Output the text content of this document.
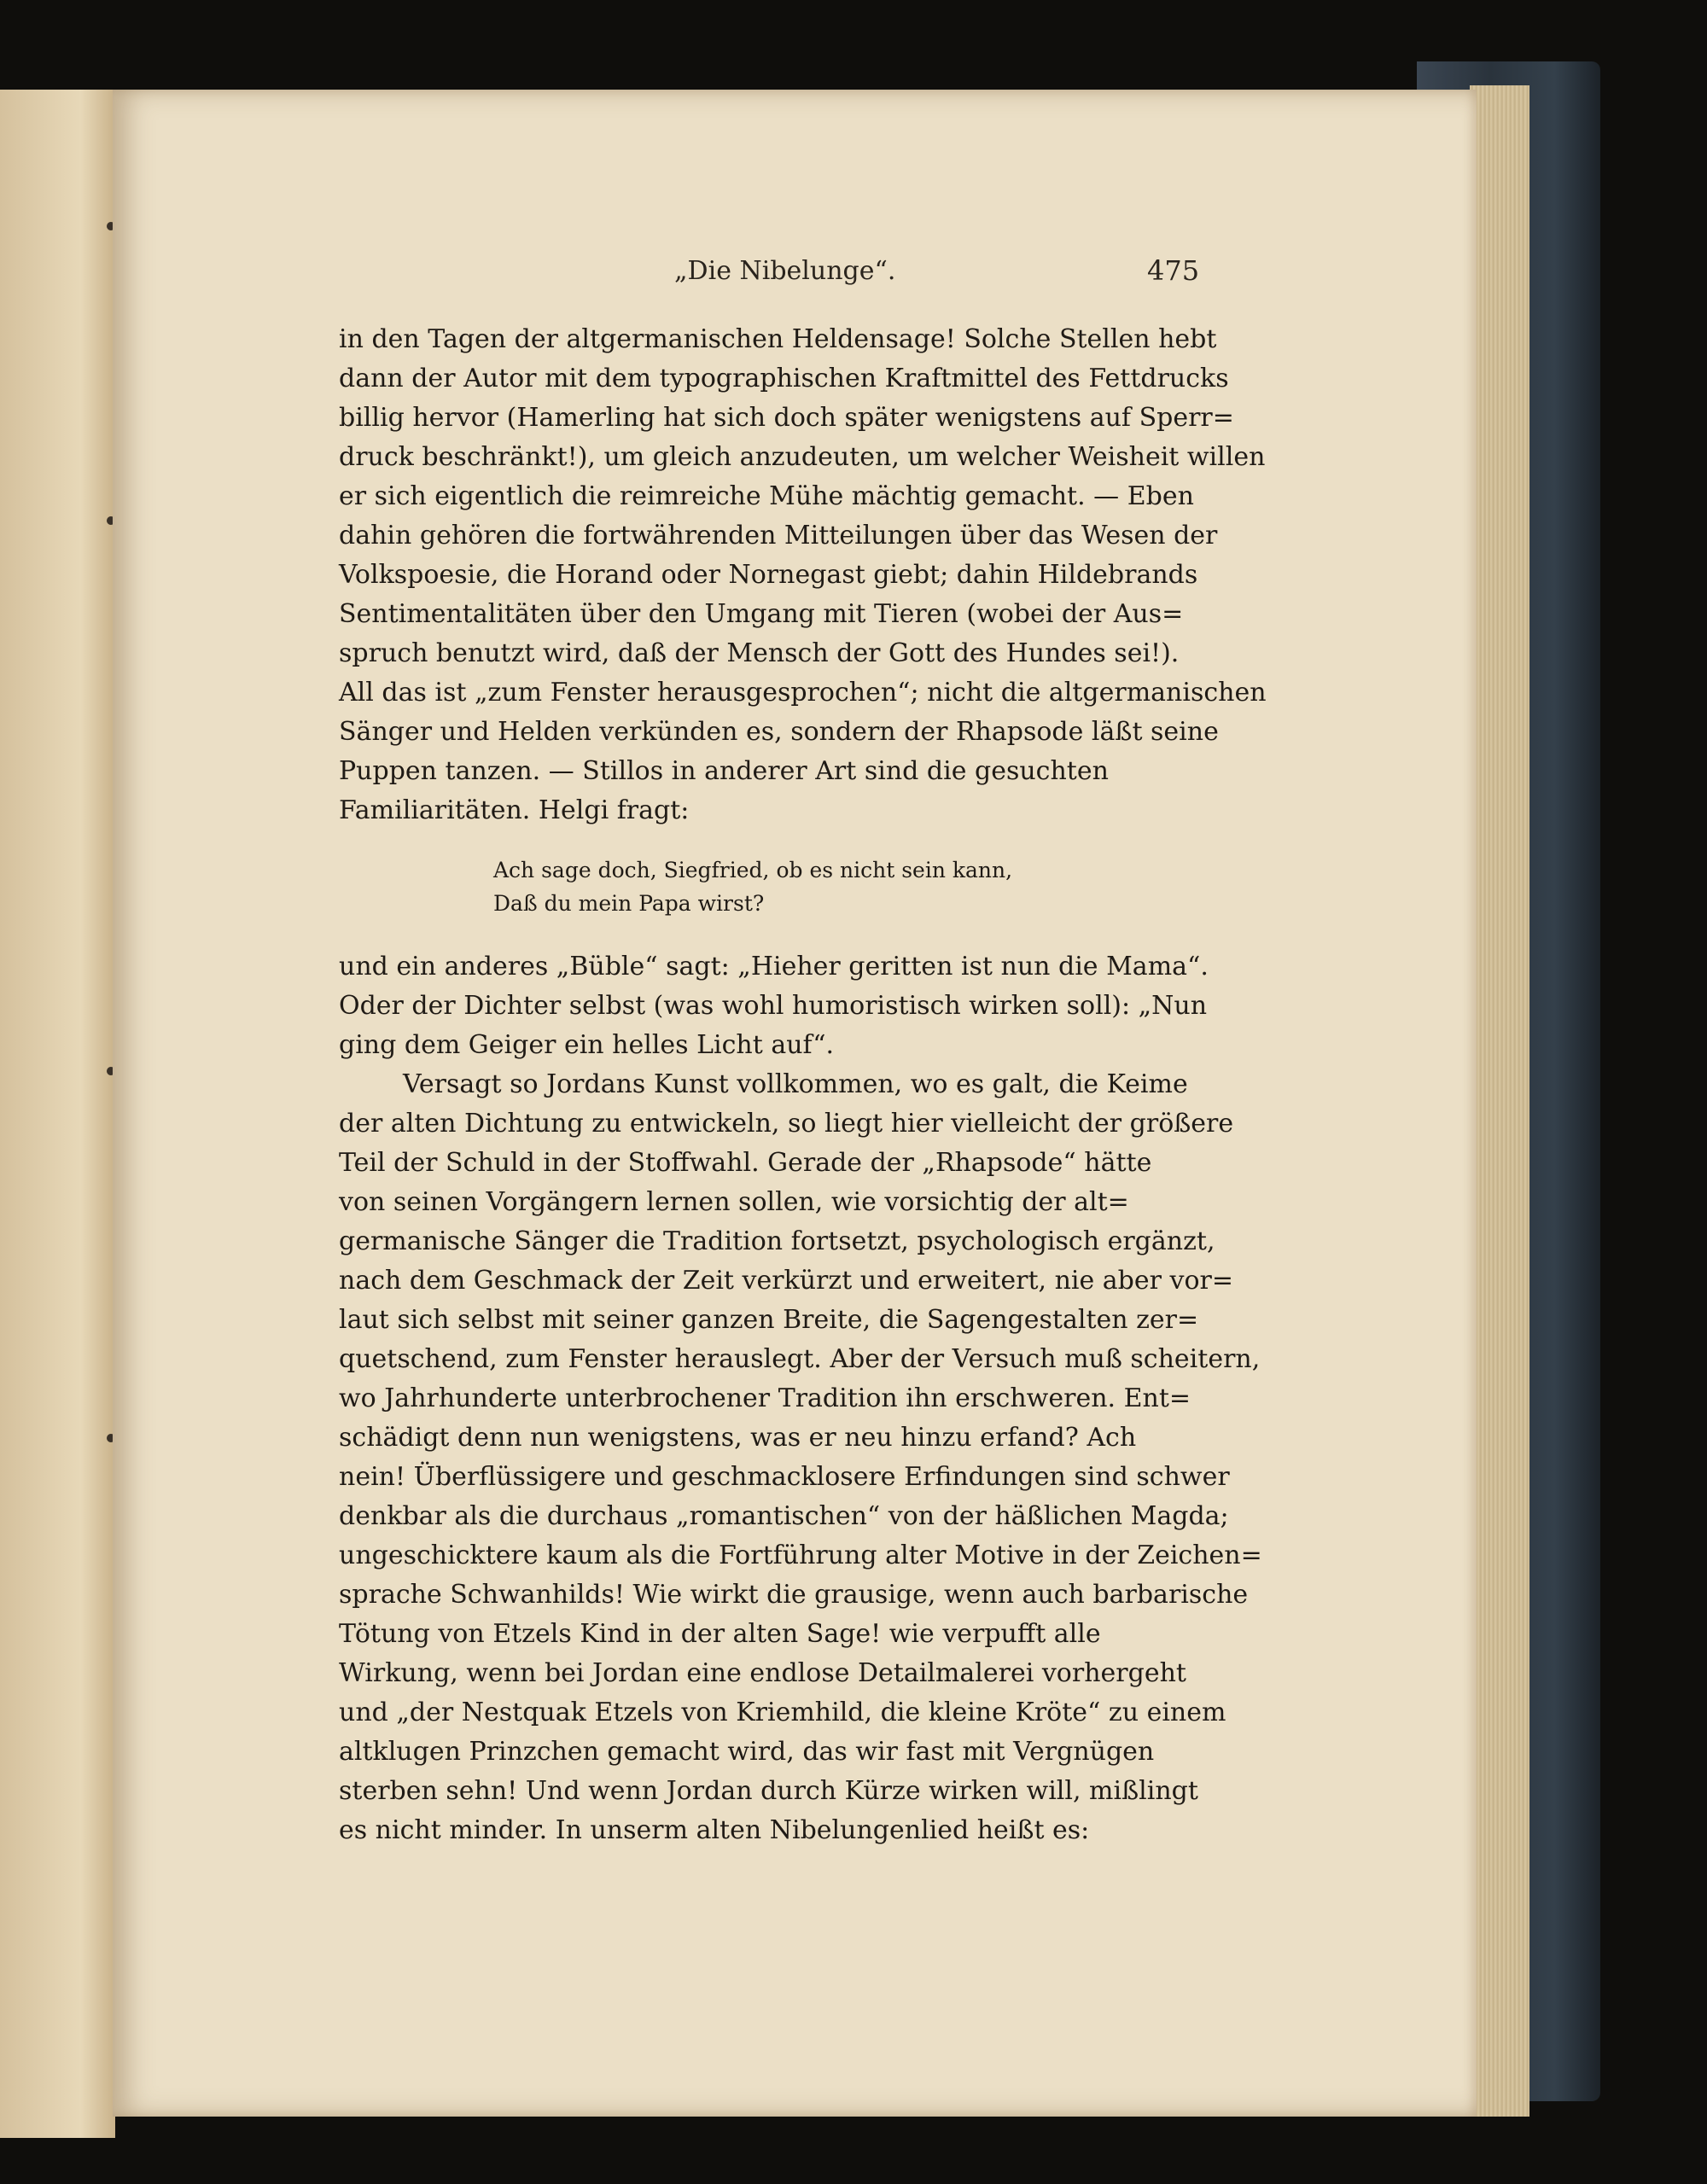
„Die Nibelunge“.	475
in den Tagen der altgermanischen Heldensage! Solche Stellen hebt
dann der Autor mit dem typographischen Kraftmittel des Fettdrucks
billig hervor (Hamerling hat sich doch später wenigstens auf Sperr=
druck beschränkt!), um gleich anzudeuten, um welcher Weisheit willen
er sich eigentlich die reimreiche Mühe mächtig gemacht. — Eben
dahin gehören die fortwährenden Mitteilungen über das Wesen der
Volkspoesie, die Horand oder Nornegast giebt; dahin Hildebrands
Sentimentalitäten über den Umgang mit Tieren (wobei der Aus=
spruch benutzt wird, daß der Mensch der Gott des Hundes sei!).
All das ist „zum Fenster herausgesprochen“; nicht die altgermanischen
Sänger und Helden verkünden es, sondern der Rhapsode läßt seine
Puppen tanzen. — Stillos in anderer Art sind die gesuchten
Familiaritäten. Helgi fragt:
Ach sage doch, Siegfried, ob es nicht sein kann,
Daß du mein Papa wirst?
und ein anderes „Büble“ sagt: „Hieher geritten ist nun die Mama“.
Oder der Dichter selbst (was wohl humoristisch wirken soll): „Nun
ging dem Geiger ein helles Licht auf“.
Versagt so Jordans Kunst vollkommen, wo es galt, die Keime
der alten Dichtung zu entwickeln, so liegt hier vielleicht der größere
Teil der Schuld in der Stoffwahl. Gerade der „Rhapsode“ hätte
von seinen Vorgängern lernen sollen, wie vorsichtig der alt=
germanische Sänger die Tradition fortsetzt, psychologisch ergänzt,
nach dem Geschmack der Zeit verkürzt und erweitert, nie aber vor=
laut sich selbst mit seiner ganzen Breite, die Sagengestalten zer=
quetschend, zum Fenster herauslegt. Aber der Versuch muß scheitern,
wo Jahrhunderte unterbrochener Tradition ihn erschweren. Ent=
schädigt denn nun wenigstens, was er neu hinzu erfand? Ach
nein! Überflüssigere und geschmacklosere Erfindungen sind schwer
denkbar als die durchaus „romantischen“ von der häßlichen Magda;
ungeschicktere kaum als die Fortführung alter Motive in der Zeichen=
sprache Schwanhilds! Wie wirkt die grausige, wenn auch barbarische
Tötung von Etzels Kind in der alten Sage! wie verpufft alle
Wirkung, wenn bei Jordan eine endlose Detailmalerei vorhergeht
und „der Nestquak Etzels von Kriemhild, die kleine Kröte“ zu einem
altklugen Prinzchen gemacht wird, das wir fast mit Vergnügen
sterben sehn! Und wenn Jordan durch Kürze wirken will, mißlingt
es nicht minder. In unserm alten Nibelungenlied heißt es:
